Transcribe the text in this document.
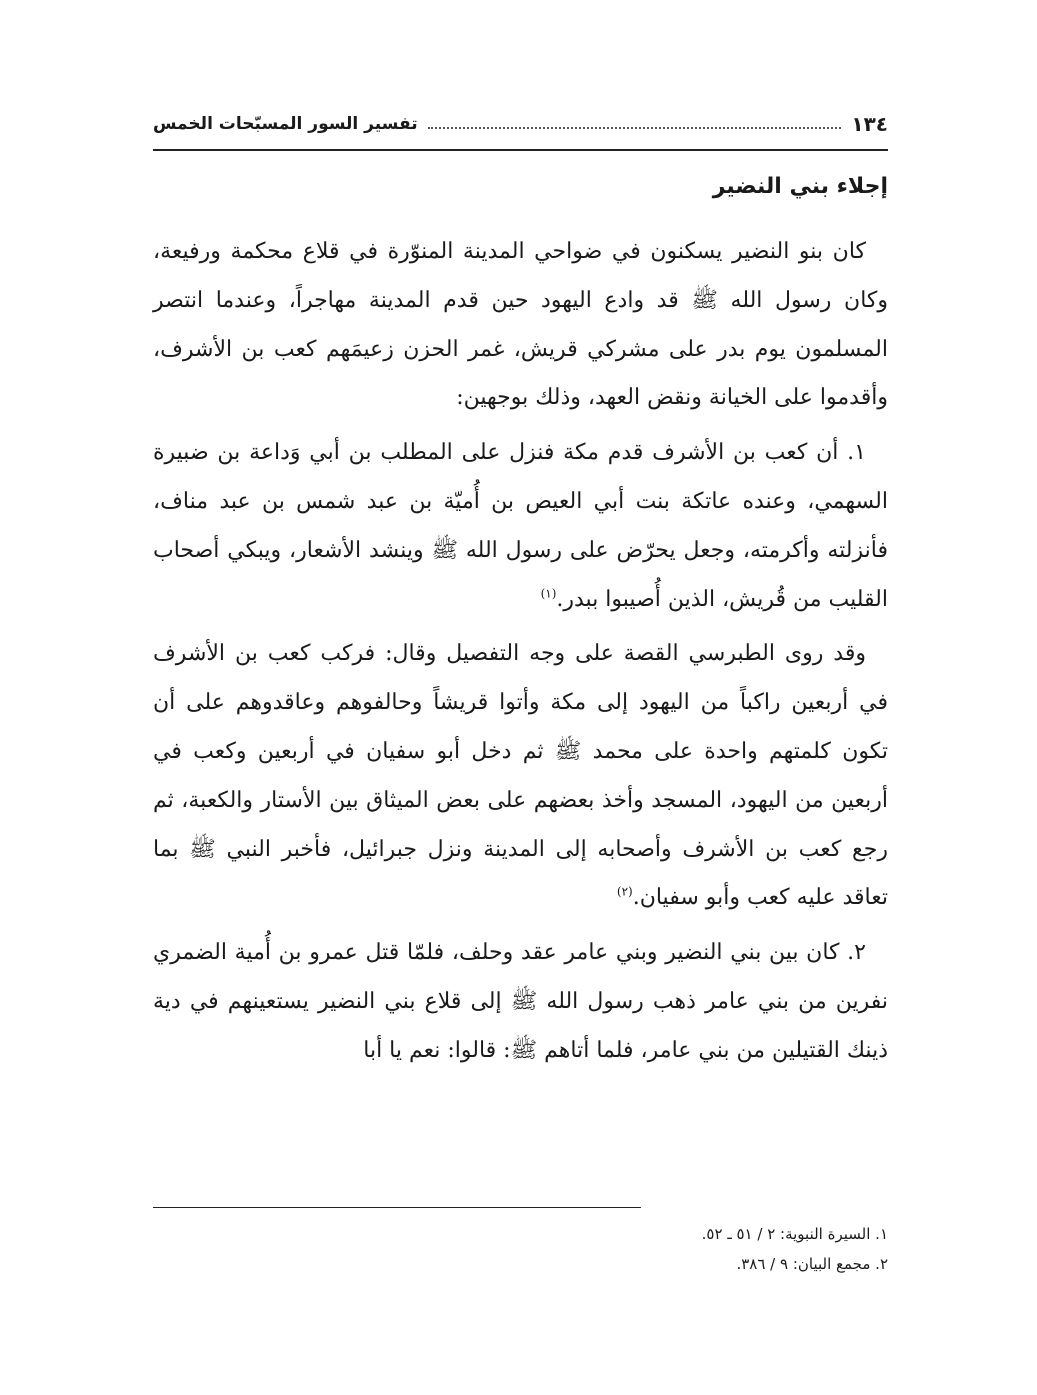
١٣٤
تفسير السور المسبّحات الخمس
إجلاء بني النضير

كان بنو النضير يسكنون في ضواحي المدينة المنوّرة في قلاع محكمة ورفيعة، وكان رسول الله ﷺ قد وادع اليهود حين قدم المدينة مهاجراً، وعندما انتصر المسلمون يوم بدر على مشركي قريش، غمر الحزن زعيمَهم كعب بن الأشرف، وأقدموا على الخيانة ونقض العهد، وذلك بوجهين:

١. أن كعب بن الأشرف قدم مكة فنزل على المطلب بن أبي وَداعة بن ضبيرة السهمي، وعنده عاتكة بنت أبي العيص بن أُميّة بن عبد شمس بن عبد مناف، فأنزلته وأكرمته، وجعل يحرّض على رسول الله ﷺ وينشد الأشعار، ويبكي أصحاب القليب من قُريش، الذين أُصيبوا ببدر.$^{(١)}$

وقد روى الطبرسي القصة على وجه التفصيل وقال: فركب كعب بن الأشرف في أربعين راكباً من اليهود إلى مكة وأتوا قريشاً وحالفوهم وعاقدوهم على أن تكون كلمتهم واحدة على محمد ﷺ ثم دخل أبو سفيان في أربعين وكعب في أربعين من اليهود، المسجد وأخذ بعضهم على بعض الميثاق بين الأستار والكعبة، ثم رجع كعب بن الأشرف وأصحابه إلى المدينة ونزل جبرائيل، فأخبر النبي ﷺ بما تعاقد عليه كعب وأبو سفيان.$^{(٢)}$

٢. كان بين بني النضير وبني عامر عقد وحلف، فلمّا قتل عمرو بن أُمية الضمري نفرين من بني عامر ذهب رسول الله ﷺ إلى قلاع بني النضير يستعينهم في دية ذينك القتيلين من بني عامر، فلما أتاهم ﷺ: قالوا: نعم يا أبا

١. السيرة النبوية: ٢ / ٥١ ـ ٥٢.
٢. مجمع البيان: ٩ / ٣٨٦.
